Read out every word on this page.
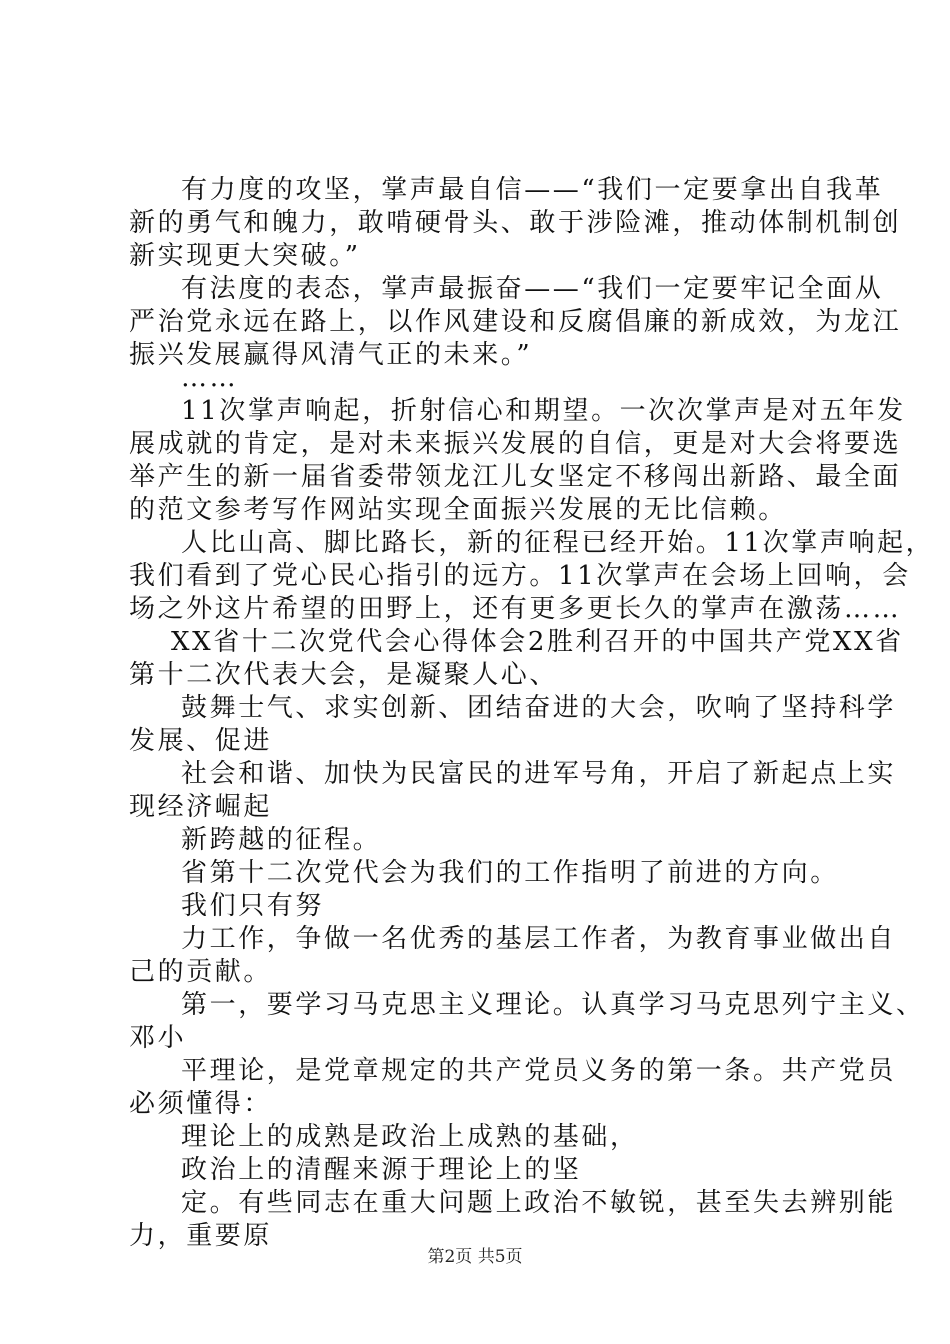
有力度的攻坚，掌声最自信——“我们一定要拿出自我革
新的勇气和魄力，敢啃硬骨头、敢于涉险滩，推动体制机制创
新实现更大突破。”
有法度的表态，掌声最振奋——“我们一定要牢记全面从
严治党永远在路上，以作风建设和反腐倡廉的新成效，为龙江
振兴发展赢得风清气正的未来。”
……
11次掌声响起，折射信心和期望。一次次掌声是对五年发
展成就的肯定，是对未来振兴发展的自信，更是对大会将要选
举产生的新一届省委带领龙江儿女坚定不移闯出新路、最全面
的范文参考写作网站实现全面振兴发展的无比信赖。
人比山高、脚比路长，新的征程已经开始。11次掌声响起，
我们看到了党心民心指引的远方。11次掌声在会场上回响，会
场之外这片希望的田野上，还有更多更长久的掌声在激荡……
XX省十二次党代会心得体会2胜利召开的中国共产党XX省
第十二次代表大会，是凝聚人心、
鼓舞士气、求实创新、团结奋进的大会，吹响了坚持科学
发展、促进
社会和谐、加快为民富民的进军号角，开启了新起点上实
现经济崛起
新跨越的征程。
省第十二次党代会为我们的工作指明了前进的方向。
我们只有努
力工作，争做一名优秀的基层工作者，为教育事业做出自
己的贡献。
第一，要学习马克思主义理论。认真学习马克思列宁主义、
邓小
平理论，是党章规定的共产党员义务的第一条。共产党员
必须懂得：
理论上的成熟是政治上成熟的基础，
政治上的清醒来源于理论上的坚
定。有些同志在重大问题上政治不敏锐，甚至失去辨别能
力，重要原
第2页 共5页
